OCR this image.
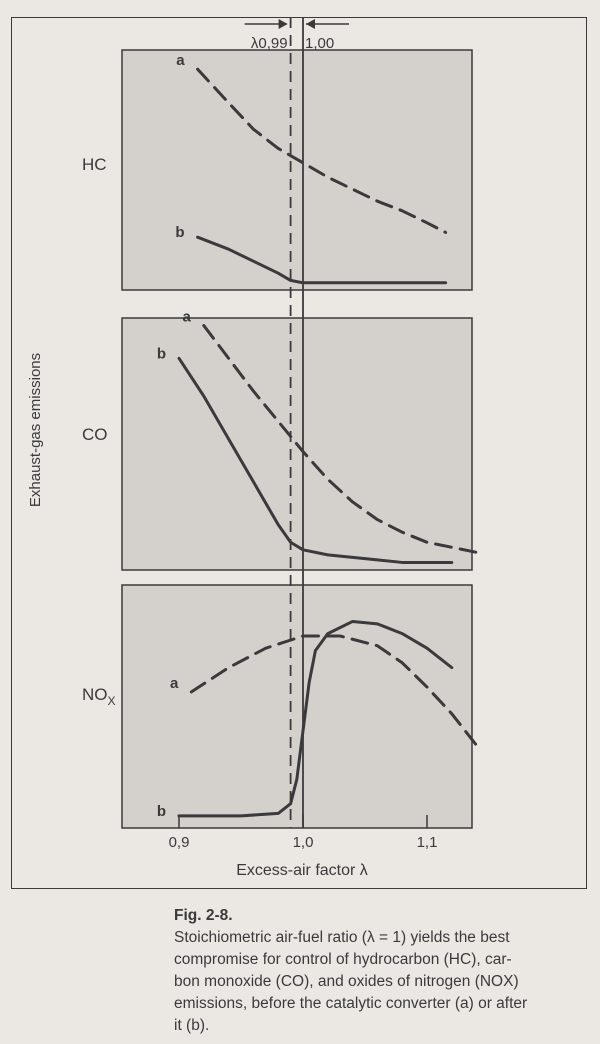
HC
a
b
CO
a
b
$NO_X$
a
b
λ0,99 1,00
0,9	1,0	1,1
Excess-air factor λ
Exhaust-gas emissions
Fig. 2-8.
Stoichiometric air-fuel ratio (λ = 1) yields the best
compromise for control of hydrocarbon (HC), car-
bon monoxide (CO), and oxides of nitrogen (NOX)
emissions, before the catalytic converter (a) or after
it (b).
